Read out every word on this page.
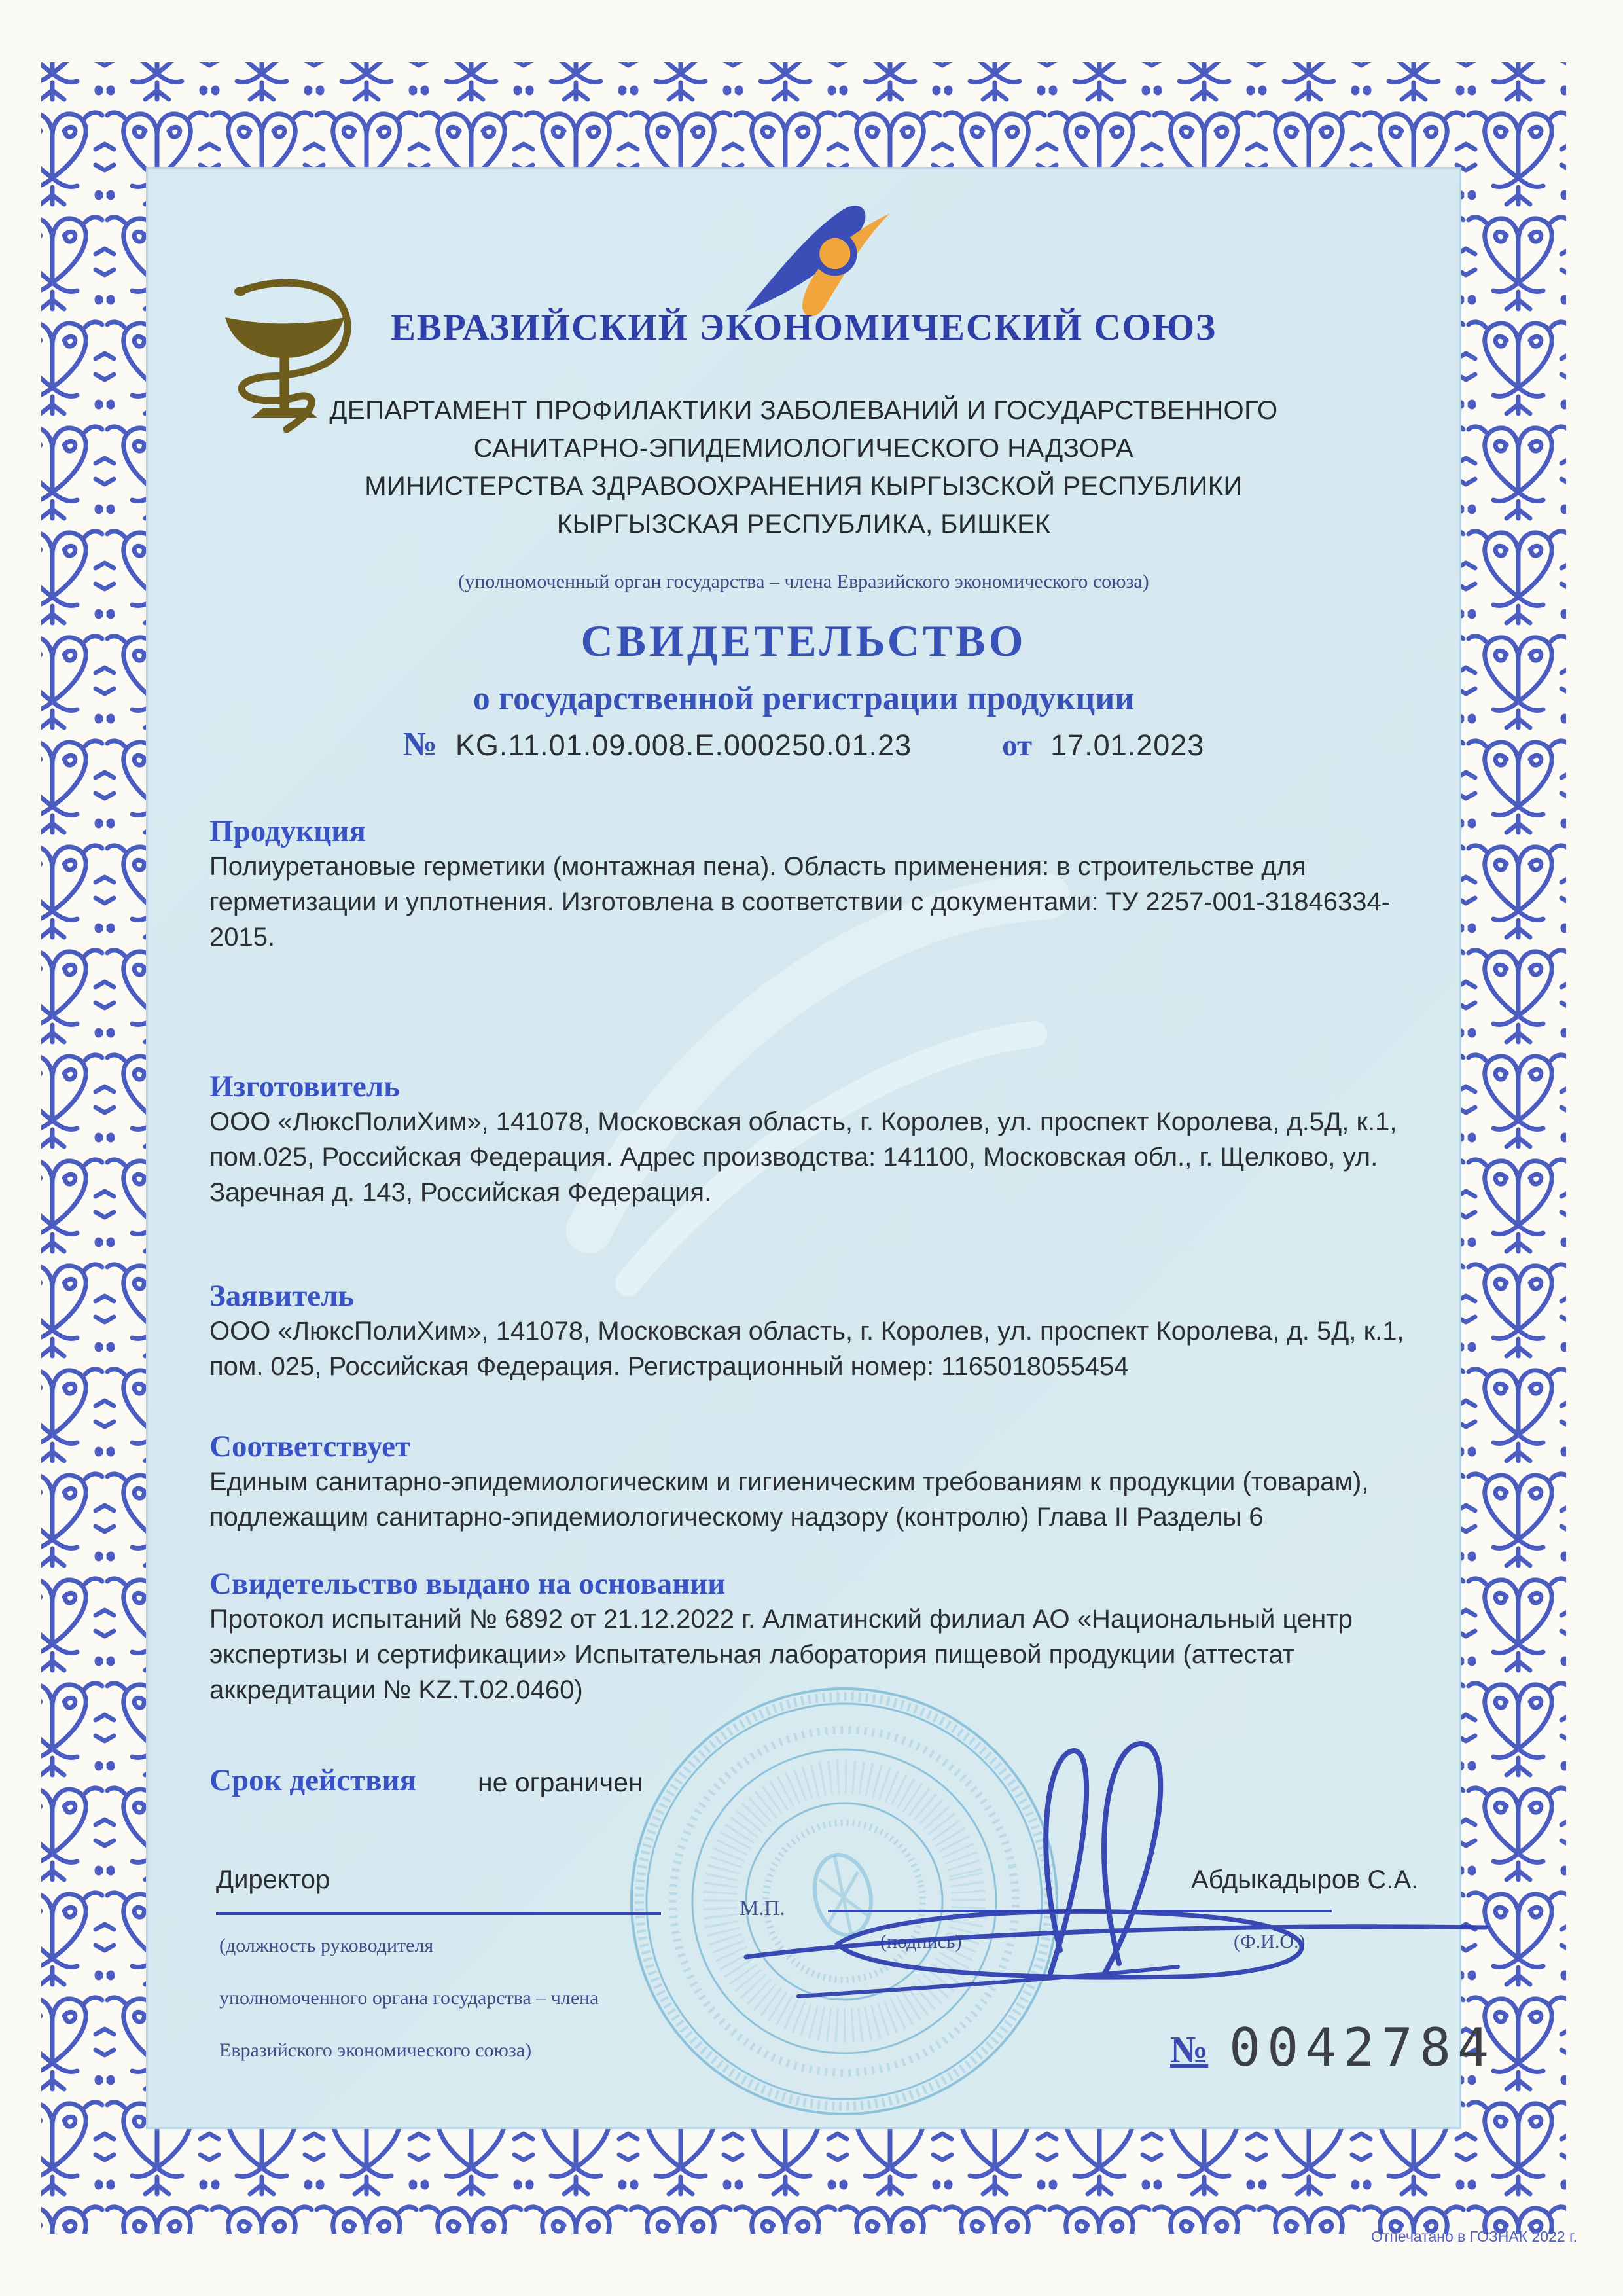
ЕВРАЗИЙСКИЙ ЭКОНОМИЧЕСКИЙ СОЮЗ
ДЕПАРТАМЕНТ ПРОФИЛАКТИКИ ЗАБОЛЕВАНИЙ И ГОСУДАРСТВЕННОГО
САНИТАРНО-ЭПИДЕМИОЛОГИЧЕСКОГО НАДЗОРА
МИНИСТЕРСТВА ЗДРАВООХРАНЕНИЯ КЫРГЫЗСКОЙ РЕСПУБЛИКИ
КЫРГЫЗСКАЯ РЕСПУБЛИКА, БИШКЕК
(уполномоченный орган государства – члена Евразийского экономического союза)
СВИДЕТЕЛЬСТВО
о государственной регистрации продукции
№ KG.11.01.09.008.Е.000250.01.23	от 17.01.2023
Продукция
Полиуретановые герметики (монтажная пена). Область применения: в строительстве для герметизации и уплотнения. Изготовлена в соответствии с документами: ТУ 2257-001-31846334-2015.
Изготовитель
ООО «ЛюксПолиХим», 141078, Московская область, г. Королев, ул. проспект Королева, д.5Д, к.1, пом.025, Российская Федерация. Адрес производства: 141100, Московская обл., г. Щелково, ул. Заречная д. 143, Российская Федерация.
Заявитель
ООО «ЛюксПолиХим», 141078, Московская область, г. Королев, ул. проспект Королева, д. 5Д, к.1, пом. 025, Российская Федерация. Регистрационный номер: 1165018055454
Соответствует
Единым санитарно-эпидемиологическим и гигиеническим требованиям к продукции (товарам), подлежащим санитарно-эпидемиологическому надзору (контролю) Глава II Разделы 6
Свидетельство выдано на основании
Протокол испытаний № 6892 от 21.12.2022 г. Алматинский филиал АО «Национальный центр экспертизы и сертификации» Испытательная лаборатория пищевой продукции (аттестат аккредитации № KZ.Т.02.0460)
Срок действия не ограничен
Директор
(должность руководителя
уполномоченного органа государства – члена
Евразийского экономического союза)
М.П.
(подпись)
Абдыкадыров С.А.
(Ф.И.О.)
№ 0042784
Отпечатано в ГОЗНАК 2022 г.
